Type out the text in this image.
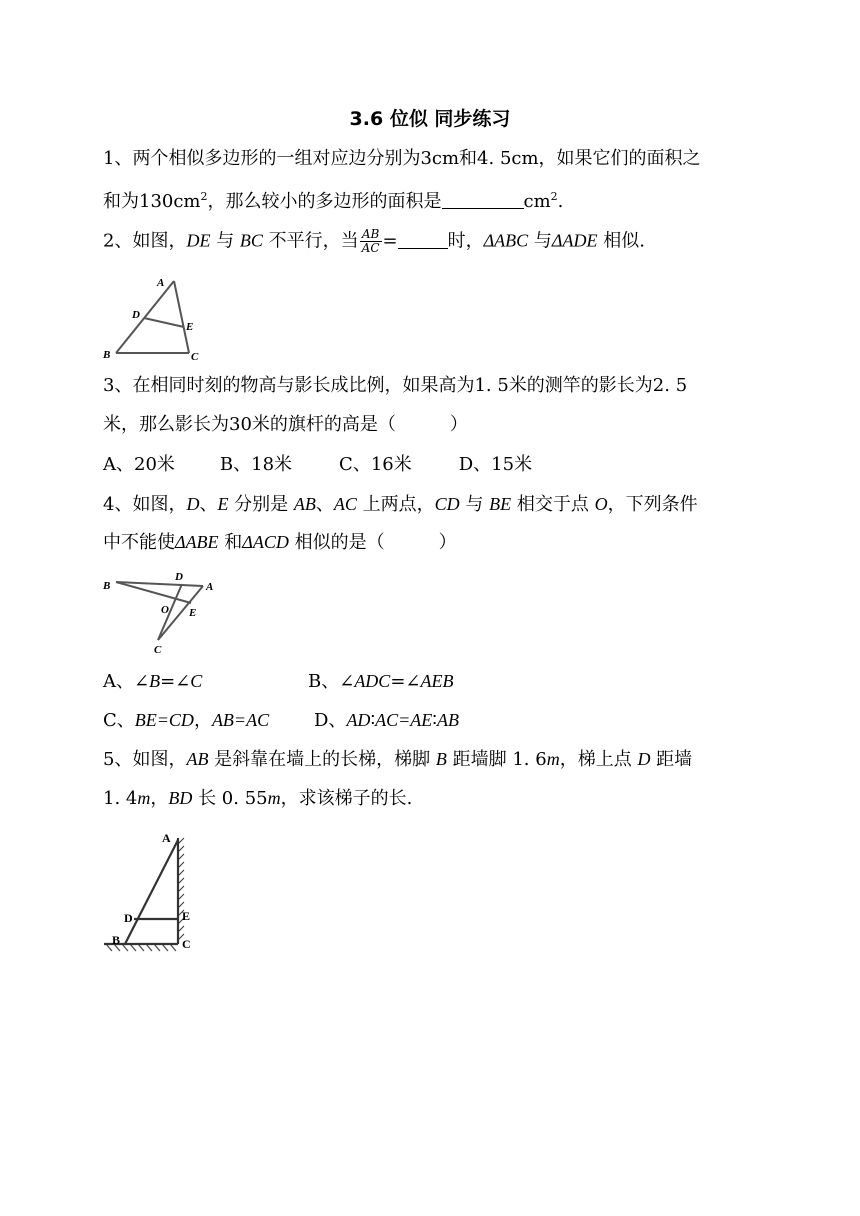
3.6 位似 同步练习
1、两个相似多边形的一组对应边分别为3cm和4. 5cm，如果它们的面积之
和为$130cm^2$，那么较小的多边形的面积是	$cm^2$.
2、如图，DE 与 BC 不平行，当 $\frac{AB}{AC}$ =	时，ΔABC 与ΔADE 相似.
A
D
E
B	C
3、在相同时刻的物高与影长成比例，如果高为1. 5米的测竿的影长为2. 5
米，那么影长为30米的旗杆的高是（　　　）
A、20米	B、18米	C、16米	D、15米
4、如图，D、E 分别是 AB、AC 上两点，CD 与 BE 相交于点 O，下列条件
中不能使ΔABE 和ΔACD 相似的是（　　　）
B
D
A
O E
C
A、∠B=∠C	B、∠ADC=∠AEB
C、BE=CD，AB=AC D、AD∶AC=AE∶AB
5、如图，AB 是斜靠在墙上的长梯，梯脚 B 距墙脚 1. 6m，梯上点 D 距墙
1. 4m，BD 长 0. 55m，求该梯子的长.
A
D	E
B	C
